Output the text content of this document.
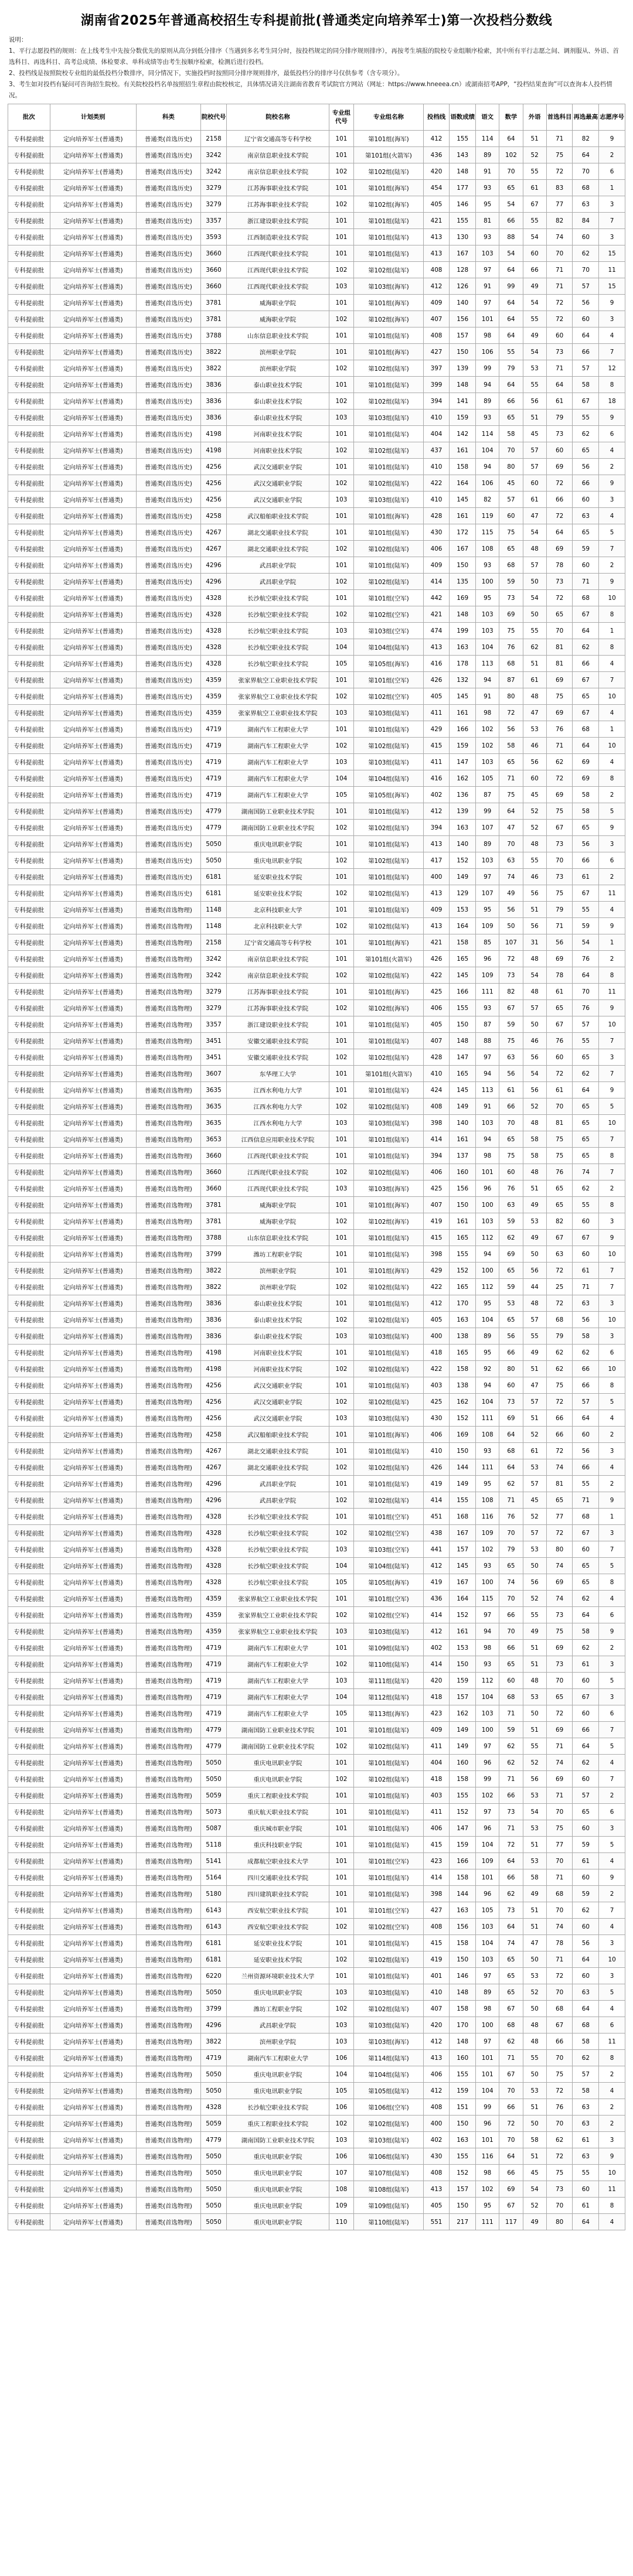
湖南省2025年普通高校招生专科提前批(普通类定向培养军士)第一次投档分数线

说明：

1、平行志愿投档的规则：在上线考生中先按分数优先的原则从高分到低分排序（当遇到多名考生同分时，按投档规定的同分排序规则排序），再按考生填报的院校专业组顺序检索，其中所有平行志愿之间、调剂服从、外语、首选科目、再选科目、高考总成绩、体检要求、单科成绩等由考生按顺序检索，检测后进行投档。

2、投档线是按照院校专业组的最低投档分数排序，同分情况下，实施投档时按照同分排序规则排序，最低投档分的排序号仅供参考（含专项分）。

3、考生如对投档有疑问可咨询招生院校。有关院校投档名单按照招生章程由院校核定，具体情况请关注湖南省教育考试院官方网站（网址：https://www.hneeea.cn）或湖南招考APP，“投档结果查询”可以查询本人投档情况。

批次	计划类别	科类	院校代号	院校名称	专业组代号	专业组名称	投档线	语数成绩	语文	数学	外语	首选科目	再选最高	志愿序号
专科提前批	定向培养军士(普通类)	普通类(首选历史)	2158	辽宁省交通高等专科学校	101	第101组(海军)	412	155	114	64	51	71	82	9
专科提前批	定向培养军士(普通类)	普通类(首选历史)	3242	南京信息职业技术学院	101	第101组(火箭军)	436	143	89	102	52	75	64	2
专科提前批	定向培养军士(普通类)	普通类(首选历史)	3242	南京信息职业技术学院	102	第102组(陆军)	420	148	91	70	55	72	70	6
专科提前批	定向培养军士(普通类)	普通类(首选历史)	3279	江苏海事职业技术学院	101	第101组(海军)	454	177	93	65	61	83	68	1
专科提前批	定向培养军士(普通类)	普通类(首选历史)	3279	江苏海事职业技术学院	102	第102组(海军)	405	146	95	54	67	77	63	3
专科提前批	定向培养军士(普通类)	普通类(首选历史)	3357	浙江建设职业技术学院	101	第101组(陆军)	421	155	81	66	55	82	84	7
专科提前批	定向培养军士(普通类)	普通类(首选历史)	3593	江西制造职业技术学院	101	第101组(陆军)	413	130	93	88	54	74	60	3
专科提前批	定向培养军士(普通类)	普通类(首选历史)	3660	江西现代职业技术学院	101	第101组(陆军)	413	167	103	54	60	70	62	15
专科提前批	定向培养军士(普通类)	普通类(首选历史)	3660	江西现代职业技术学院	102	第102组(陆军)	408	128	97	64	66	71	70	11
专科提前批	定向培养军士(普通类)	普通类(首选历史)	3660	江西现代职业技术学院	103	第103组(海军)	412	126	91	99	49	71	57	15
专科提前批	定向培养军士(普通类)	普通类(首选历史)	3781	威海职业学院	101	第101组(海军)	409	140	97	64	54	72	56	9
专科提前批	定向培养军士(普通类)	普通类(首选历史)	3781	威海职业学院	102	第102组(海军)	407	156	101	64	55	72	60	3
专科提前批	定向培养军士(普通类)	普通类(首选历史)	3788	山东信息职业技术学院	101	第101组(陆军)	408	157	98	64	49	60	64	4
专科提前批	定向培养军士(普通类)	普通类(首选历史)	3822	滨州职业学院	101	第101组(海军)	427	150	106	55	54	73	66	7
专科提前批	定向培养军士(普通类)	普通类(首选历史)	3822	滨州职业学院	102	第102组(陆军)	397	139	99	79	53	71	57	12
专科提前批	定向培养军士(普通类)	普通类(首选历史)	3836	泰山职业技术学院	101	第101组(陆军)	399	148	94	64	55	64	58	8
专科提前批	定向培养军士(普通类)	普通类(首选历史)	3836	泰山职业技术学院	102	第102组(陆军)	394	141	89	66	56	61	67	18
专科提前批	定向培养军士(普通类)	普通类(首选历史)	3836	泰山职业技术学院	103	第103组(陆军)	410	159	93	65	51	79	55	9
专科提前批	定向培养军士(普通类)	普通类(首选历史)	4198	河南职业技术学院	101	第101组(陆军)	404	142	114	58	45	73	62	6
专科提前批	定向培养军士(普通类)	普通类(首选历史)	4198	河南职业技术学院	102	第102组(陆军)	437	161	104	70	57	60	65	4
专科提前批	定向培养军士(普通类)	普通类(首选历史)	4256	武汉交通职业学院	101	第101组(陆军)	410	158	94	80	57	69	56	2
专科提前批	定向培养军士(普通类)	普通类(首选历史)	4256	武汉交通职业学院	102	第102组(陆军)	422	164	106	45	60	72	66	9
专科提前批	定向培养军士(普通类)	普通类(首选历史)	4256	武汉交通职业学院	103	第103组(陆军)	410	145	82	57	61	66	60	3
专科提前批	定向培养军士(普通类)	普通类(首选历史)	4258	武汉船舶职业技术学院	101	第101组(海军)	428	161	119	60	47	72	63	4
专科提前批	定向培养军士(普通类)	普通类(首选历史)	4267	湖北交通职业技术学院	101	第101组(陆军)	430	172	115	75	54	64	65	5
专科提前批	定向培养军士(普通类)	普通类(首选历史)	4267	湖北交通职业技术学院	102	第102组(陆军)	406	167	108	65	48	69	59	7
专科提前批	定向培养军士(普通类)	普通类(首选历史)	4296	武昌职业学院	101	第101组(陆军)	409	150	93	68	57	78	60	2
专科提前批	定向培养军士(普通类)	普通类(首选历史)	4296	武昌职业学院	102	第102组(陆军)	414	135	100	59	50	73	71	9
专科提前批	定向培养军士(普通类)	普通类(首选历史)	4328	长沙航空职业技术学院	101	第101组(空军)	442	169	95	73	54	72	68	10
专科提前批	定向培养军士(普通类)	普通类(首选历史)	4328	长沙航空职业技术学院	102	第102组(空军)	421	148	103	69	50	65	67	8
专科提前批	定向培养军士(普通类)	普通类(首选历史)	4328	长沙航空职业技术学院	103	第103组(空军)	474	199	103	75	55	70	64	1
专科提前批	定向培养军士(普通类)	普通类(首选历史)	4328	长沙航空职业技术学院	104	第104组(陆军)	413	163	104	76	62	81	62	8
专科提前批	定向培养军士(普通类)	普通类(首选历史)	4328	长沙航空职业技术学院	105	第105组(海军)	416	178	113	68	51	81	66	4
专科提前批	定向培养军士(普通类)	普通类(首选历史)	4359	张家界航空工业职业技术学院	101	第101组(空军)	426	132	94	87	61	69	67	7
专科提前批	定向培养军士(普通类)	普通类(首选历史)	4359	张家界航空工业职业技术学院	102	第102组(空军)	405	145	91	80	48	75	65	10
专科提前批	定向培养军士(普通类)	普通类(首选历史)	4359	张家界航空工业职业技术学院	103	第103组(陆军)	411	161	98	72	47	69	67	4
专科提前批	定向培养军士(普通类)	普通类(首选历史)	4719	湖南汽车工程职业大学	101	第101组(陆军)	429	166	102	56	53	76	68	1
专科提前批	定向培养军士(普通类)	普通类(首选历史)	4719	湖南汽车工程职业大学	102	第102组(陆军)	415	159	102	58	46	71	64	10
专科提前批	定向培养军士(普通类)	普通类(首选历史)	4719	湖南汽车工程职业大学	103	第103组(陆军)	411	147	103	65	56	62	69	4
专科提前批	定向培养军士(普通类)	普通类(首选历史)	4719	湖南汽车工程职业大学	104	第104组(陆军)	416	162	105	71	60	72	69	8
专科提前批	定向培养军士(普通类)	普通类(首选历史)	4719	湖南汽车工程职业大学	105	第105组(海军)	402	136	87	75	45	69	58	2
专科提前批	定向培养军士(普通类)	普通类(首选历史)	4779	湖南国防工业职业技术学院	101	第101组(陆军)	412	139	99	64	52	75	58	5
专科提前批	定向培养军士(普通类)	普通类(首选历史)	4779	湖南国防工业职业技术学院	102	第102组(陆军)	394	163	107	47	52	67	65	9
专科提前批	定向培养军士(普通类)	普通类(首选历史)	5050	重庆电讯职业学院	101	第101组(陆军)	413	140	89	70	48	73	56	3
专科提前批	定向培养军士(普通类)	普通类(首选历史)	5050	重庆电讯职业学院	102	第102组(陆军)	417	152	103	63	55	70	66	6
专科提前批	定向培养军士(普通类)	普通类(首选历史)	6181	延安职业技术学院	101	第101组(陆军)	400	149	97	74	46	73	61	2
专科提前批	定向培养军士(普通类)	普通类(首选历史)	6181	延安职业技术学院	102	第102组(陆军)	413	129	107	49	56	75	67	11
专科提前批	定向培养军士(普通类)	普通类(首选物理)	1148	北京科技职业大学	101	第101组(陆军)	409	153	95	56	51	79	55	4
专科提前批	定向培养军士(普通类)	普通类(首选物理)	1148	北京科技职业大学	102	第102组(陆军)	413	164	109	50	56	71	59	9
专科提前批	定向培养军士(普通类)	普通类(首选物理)	2158	辽宁省交通高等专科学校	101	第101组(海军)	421	158	85	107	31	56	54	1
专科提前批	定向培养军士(普通类)	普通类(首选物理)	3242	南京信息职业技术学院	101	第101组(火箭军)	426	165	96	72	48	69	76	2
专科提前批	定向培养军士(普通类)	普通类(首选物理)	3242	南京信息职业技术学院	102	第102组(陆军)	422	145	109	73	54	78	64	8
专科提前批	定向培养军士(普通类)	普通类(首选物理)	3279	江苏海事职业技术学院	101	第101组(海军)	425	166	111	82	48	61	70	11
专科提前批	定向培养军士(普通类)	普通类(首选物理)	3279	江苏海事职业技术学院	102	第102组(海军)	406	155	93	67	57	65	76	9
专科提前批	定向培养军士(普通类)	普通类(首选物理)	3357	浙江建设职业技术学院	101	第101组(陆军)	405	150	87	59	50	67	57	10
专科提前批	定向培养军士(普通类)	普通类(首选物理)	3451	安徽交通职业技术学院	101	第101组(陆军)	407	148	88	75	46	76	55	7
专科提前批	定向培养军士(普通类)	普通类(首选物理)	3451	安徽交通职业技术学院	102	第102组(陆军)	428	147	97	63	56	60	65	3
专科提前批	定向培养军士(普通类)	普通类(首选物理)	3607	东华理工大学	101	第101组(火箭军)	410	165	94	56	54	72	62	7
专科提前批	定向培养军士(普通类)	普通类(首选物理)	3635	江西水利电力大学	101	第101组(陆军)	424	145	113	61	56	61	64	9
专科提前批	定向培养军士(普通类)	普通类(首选物理)	3635	江西水利电力大学	102	第102组(陆军)	408	149	91	66	52	70	65	5
专科提前批	定向培养军士(普通类)	普通类(首选物理)	3635	江西水利电力大学	103	第103组(陆军)	398	140	103	70	48	81	65	10
专科提前批	定向培养军士(普通类)	普通类(首选物理)	3653	江西信息应用职业技术学院	101	第101组(陆军)	414	161	94	65	58	75	65	7
专科提前批	定向培养军士(普通类)	普通类(首选物理)	3660	江西现代职业技术学院	101	第101组(陆军)	394	137	98	75	58	75	65	8
专科提前批	定向培养军士(普通类)	普通类(首选物理)	3660	江西现代职业技术学院	102	第102组(陆军)	406	160	101	60	48	76	74	7
专科提前批	定向培养军士(普通类)	普通类(首选物理)	3660	江西现代职业技术学院	103	第103组(海军)	425	156	96	76	51	65	62	2
专科提前批	定向培养军士(普通类)	普通类(首选物理)	3781	威海职业学院	101	第101组(海军)	407	150	100	63	49	65	55	8
专科提前批	定向培养军士(普通类)	普通类(首选物理)	3781	威海职业学院	102	第102组(海军)	419	161	103	59	53	82	60	3
专科提前批	定向培养军士(普通类)	普通类(首选物理)	3788	山东信息职业技术学院	101	第101组(陆军)	415	165	112	62	49	67	67	9
专科提前批	定向培养军士(普通类)	普通类(首选物理)	3799	潍坊工程职业学院	101	第101组(陆军)	398	155	94	69	50	63	60	10
专科提前批	定向培养军士(普通类)	普通类(首选物理)	3822	滨州职业学院	101	第101组(海军)	429	152	100	65	56	72	61	7
专科提前批	定向培养军士(普通类)	普通类(首选物理)	3822	滨州职业学院	102	第102组(陆军)	422	165	112	59	44	25	71	7
专科提前批	定向培养军士(普通类)	普通类(首选物理)	3836	泰山职业技术学院	101	第101组(陆军)	412	170	95	53	48	72	63	3
专科提前批	定向培养军士(普通类)	普通类(首选物理)	3836	泰山职业技术学院	102	第102组(陆军)	405	163	104	65	57	68	56	10
专科提前批	定向培养军士(普通类)	普通类(首选物理)	3836	泰山职业技术学院	103	第103组(陆军)	400	138	89	56	55	79	58	3
专科提前批	定向培养军士(普通类)	普通类(首选物理)	4198	河南职业技术学院	101	第101组(陆军)	418	165	95	66	49	62	62	6
专科提前批	定向培养军士(普通类)	普通类(首选物理)	4198	河南职业技术学院	102	第102组(陆军)	422	158	92	80	51	62	66	10
专科提前批	定向培养军士(普通类)	普通类(首选物理)	4256	武汉交通职业学院	101	第101组(陆军)	403	138	94	60	47	75	66	8
专科提前批	定向培养军士(普通类)	普通类(首选物理)	4256	武汉交通职业学院	102	第102组(陆军)	425	162	104	73	57	72	57	5
专科提前批	定向培养军士(普通类)	普通类(首选物理)	4256	武汉交通职业学院	103	第103组(陆军)	430	152	111	69	51	66	64	4
专科提前批	定向培养军士(普通类)	普通类(首选物理)	4258	武汉船舶职业技术学院	101	第101组(海军)	406	169	108	64	52	66	60	2
专科提前批	定向培养军士(普通类)	普通类(首选物理)	4267	湖北交通职业技术学院	101	第101组(陆军)	410	150	93	68	61	72	56	3
专科提前批	定向培养军士(普通类)	普通类(首选物理)	4267	湖北交通职业技术学院	102	第102组(陆军)	426	144	111	64	53	74	66	4
专科提前批	定向培养军士(普通类)	普通类(首选物理)	4296	武昌职业学院	101	第101组(陆军)	419	149	95	62	57	81	55	2
专科提前批	定向培养军士(普通类)	普通类(首选物理)	4296	武昌职业学院	102	第102组(陆军)	414	155	108	71	45	65	71	9
专科提前批	定向培养军士(普通类)	普通类(首选物理)	4328	长沙航空职业技术学院	101	第101组(空军)	451	168	116	76	52	77	68	1
专科提前批	定向培养军士(普通类)	普通类(首选物理)	4328	长沙航空职业技术学院	102	第102组(空军)	438	167	109	70	57	72	67	3
专科提前批	定向培养军士(普通类)	普通类(首选物理)	4328	长沙航空职业技术学院	103	第103组(空军)	441	157	102	79	53	80	60	7
专科提前批	定向培养军士(普通类)	普通类(首选物理)	4328	长沙航空职业技术学院	104	第104组(陆军)	412	145	93	65	50	74	65	5
专科提前批	定向培养军士(普通类)	普通类(首选物理)	4328	长沙航空职业技术学院	105	第105组(海军)	419	167	100	74	56	69	65	8
专科提前批	定向培养军士(普通类)	普通类(首选物理)	4359	张家界航空工业职业技术学院	101	第101组(空军)	436	164	115	70	52	74	62	4
专科提前批	定向培养军士(普通类)	普通类(首选物理)	4359	张家界航空工业职业技术学院	102	第102组(空军)	414	152	97	66	55	73	64	6
专科提前批	定向培养军士(普通类)	普通类(首选物理)	4359	张家界航空工业职业技术学院	103	第103组(陆军)	412	161	94	70	49	75	58	9
专科提前批	定向培养军士(普通类)	普通类(首选物理)	4719	湖南汽车工程职业大学	101	第109组(陆军)	402	153	98	66	51	69	62	2
专科提前批	定向培养军士(普通类)	普通类(首选物理)	4719	湖南汽车工程职业大学	102	第110组(陆军)	414	150	93	65	51	73	61	3
专科提前批	定向培养军士(普通类)	普通类(首选物理)	4719	湖南汽车工程职业大学	103	第111组(陆军)	420	159	112	60	48	70	60	5
专科提前批	定向培养军士(普通类)	普通类(首选物理)	4719	湖南汽车工程职业大学	104	第112组(陆军)	418	157	104	68	53	65	67	3
专科提前批	定向培养军士(普通类)	普通类(首选物理)	4719	湖南汽车工程职业大学	105	第113组(海军)	423	162	103	71	50	72	60	6
专科提前批	定向培养军士(普通类)	普通类(首选物理)	4779	湖南国防工业职业技术学院	101	第101组(陆军)	409	149	100	59	51	69	66	7
专科提前批	定向培养军士(普通类)	普通类(首选物理)	4779	湖南国防工业职业技术学院	102	第102组(陆军)	411	149	97	62	55	71	64	5
专科提前批	定向培养军士(普通类)	普通类(首选物理)	5050	重庆电讯职业学院	101	第101组(陆军)	404	160	96	62	52	74	62	4
专科提前批	定向培养军士(普通类)	普通类(首选物理)	5050	重庆电讯职业学院	102	第102组(陆军)	418	158	99	71	56	69	60	7
专科提前批	定向培养军士(普通类)	普通类(首选物理)	5059	重庆工程职业技术学院	101	第101组(陆军)	403	155	102	66	53	71	57	2
专科提前批	定向培养军士(普通类)	普通类(首选物理)	5073	重庆航天职业技术学院	101	第101组(陆军)	411	152	97	73	54	70	65	6
专科提前批	定向培养军士(普通类)	普通类(首选物理)	5087	重庆城市职业学院	101	第101组(陆军)	406	147	96	71	53	75	60	3
专科提前批	定向培养军士(普通类)	普通类(首选物理)	5118	重庆科技职业学院	101	第101组(陆军)	415	159	104	72	51	77	59	5
专科提前批	定向培养军士(普通类)	普通类(首选物理)	5141	成都航空职业技术大学	101	第101组(空军)	423	166	109	64	53	70	61	4
专科提前批	定向培养军士(普通类)	普通类(首选物理)	5164	四川交通职业技术学院	101	第101组(陆军)	414	158	101	66	58	71	60	9
专科提前批	定向培养军士(普通类)	普通类(首选物理)	5180	四川建筑职业技术学院	101	第101组(陆军)	398	144	96	62	49	68	59	2
专科提前批	定向培养军士(普通类)	普通类(首选物理)	6143	西安航空职业技术学院	101	第101组(空军)	427	163	105	73	51	70	62	7
专科提前批	定向培养军士(普通类)	普通类(首选物理)	6143	西安航空职业技术学院	102	第102组(空军)	408	156	103	64	51	74	60	4
专科提前批	定向培养军士(普通类)	普通类(首选物理)	6181	延安职业技术学院	101	第101组(陆军)	415	158	104	74	47	78	56	3
专科提前批	定向培养军士(普通类)	普通类(首选物理)	6181	延安职业技术学院	102	第102组(陆军)	419	150	103	65	50	71	64	10
专科提前批	定向培养军士(普通类)	普通类(首选物理)	6220	兰州资源环境职业技术大学	101	第101组(陆军)	401	146	97	65	53	72	60	3
专科提前批	定向培养军士(普通类)	普通类(首选物理)	5050	重庆电讯职业学院	103	第103组(陆军)	410	148	89	65	52	70	63	5
专科提前批	定向培养军士(普通类)	普通类(首选物理)	3799	潍坊工程职业学院	102	第102组(陆军)	407	158	98	67	50	68	64	4
专科提前批	定向培养军士(普通类)	普通类(首选物理)	4296	武昌职业学院	103	第103组(陆军)	420	170	100	68	48	67	68	6
专科提前批	定向培养军士(普通类)	普通类(首选物理)	3822	滨州职业学院	103	第103组(海军)	412	148	97	62	48	66	58	11
专科提前批	定向培养军士(普通类)	普通类(首选物理)	4719	湖南汽车工程职业大学	106	第114组(陆军)	413	160	101	71	55	70	62	8
专科提前批	定向培养军士(普通类)	普通类(首选物理)	5050	重庆电讯职业学院	104	第104组(陆军)	406	155	101	67	50	75	57	2
专科提前批	定向培养军士(普通类)	普通类(首选物理)	5050	重庆电讯职业学院	105	第105组(陆军)	412	159	104	70	53	72	58	4
专科提前批	定向培养军士(普通类)	普通类(首选物理)	4328	长沙航空职业技术学院	106	第106组(空军)	408	151	99	66	51	76	63	2
专科提前批	定向培养军士(普通类)	普通类(首选物理)	5059	重庆工程职业技术学院	102	第102组(陆军)	400	150	96	72	50	70	63	2
专科提前批	定向培养军士(普通类)	普通类(首选物理)	4779	湖南国防工业职业技术学院	103	第103组(陆军)	402	163	101	70	58	62	61	3
专科提前批	定向培养军士(普通类)	普通类(首选物理)	5050	重庆电讯职业学院	106	第106组(陆军)	430	155	116	64	51	72	63	9
专科提前批	定向培养军士(普通类)	普通类(首选物理)	5050	重庆电讯职业学院	107	第107组(陆军)	408	152	98	66	45	75	55	10
专科提前批	定向培养军士(普通类)	普通类(首选物理)	5050	重庆电讯职业学院	108	第108组(陆军)	413	157	102	69	54	73	60	11
专科提前批	定向培养军士(普通类)	普通类(首选物理)	5050	重庆电讯职业学院	109	第109组(陆军)	405	150	95	67	52	70	61	8
专科提前批	定向培养军士(普通类)	普通类(首选物理)	5050	重庆电讯职业学院	110	第110组(陆军)	551	217	111	117	49	80	64	4
